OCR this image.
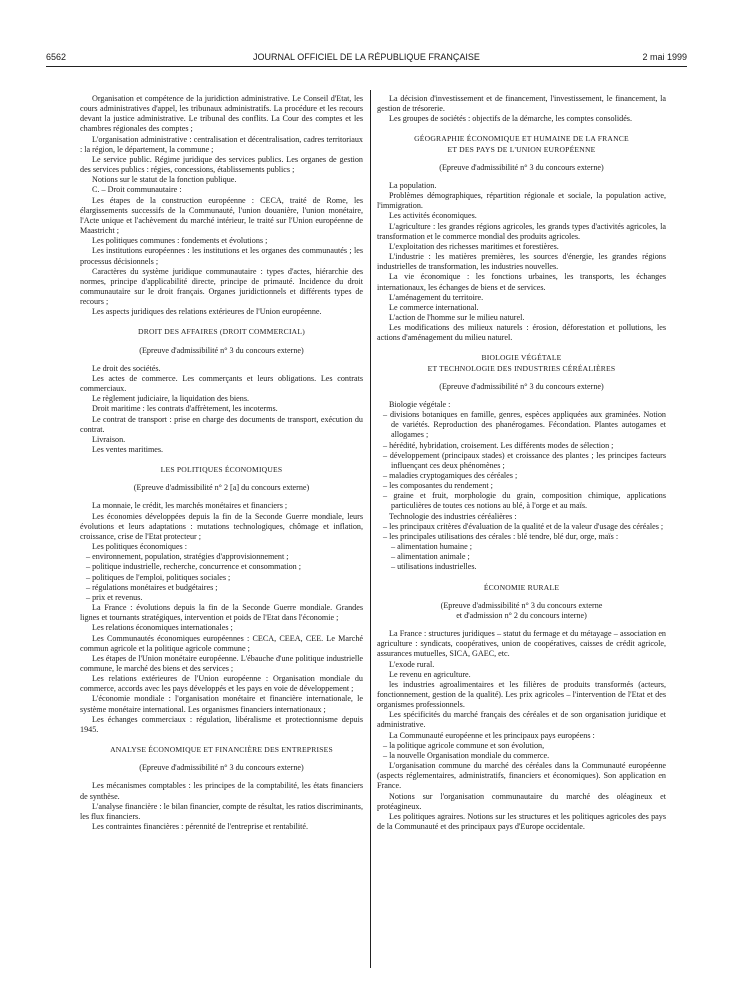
6562	JOURNAL OFFICIEL DE LA RÉPUBLIQUE FRANÇAISE	2 mai 1999

Organisation et compétence de la juridiction administrative. Le Conseil d'Etat, les cours administratives d'appel, les tribunaux administratifs. La procédure et les recours devant la justice administrative. Le tribunal des conflits. La Cour des comptes et les chambres régionales des comptes ;

L'organisation administrative : centralisation et décentralisation, cadres territoriaux : la région, le département, la commune ;

Le service public. Régime juridique des services publics. Les organes de gestion des services publics : régies, concessions, établissements publics ;

Notions sur le statut de la fonction publique.

C. – Droit communautaire :

Les étapes de la construction européenne : CECA, traité de Rome, les élargissements successifs de la Communauté, l'union douanière, l'union monétaire, l'Acte unique et l'achèvement du marché intérieur, le traité sur l'Union européenne de Maastricht ;

Les politiques communes : fondements et évolutions ;

Les institutions européennes : les institutions et les organes des communautés ; les processus décisionnels ;

Caractères du système juridique communautaire : types d'actes, hiérarchie des normes, principe d'applicabilité directe, principe de primauté. Incidence du droit communautaire sur le droit français. Organes juridictionnels et différents types de recours ;

Les aspects juridiques des relations extérieures de l'Union européenne.

DROIT DES AFFAIRES (DROIT COMMERCIAL)

(Epreuve d'admissibilité n° 3 du concours externe)

Le droit des sociétés.

Les actes de commerce. Les commerçants et leurs obligations. Les contrats commerciaux.

Le règlement judiciaire, la liquidation des biens.

Droit maritime : les contrats d'affrètement, les incoterms.

Le contrat de transport : prise en charge des documents de transport, exécution du contrat.

Livraison.

Les ventes maritimes.

LES POLITIQUES ÉCONOMIQUES

(Epreuve d'admissibilité n° 2 [a] du concours externe)

La monnaie, le crédit, les marchés monétaires et financiers ;

Les économies développées depuis la fin de la Seconde Guerre mondiale, leurs évolutions et leurs adaptations : mutations technologiques, chômage et inflation, croissance, crise de l'Etat protecteur ;

Les politiques économiques :

– environnement, population, stratégies d'approvisionnement ;

– politique industrielle, recherche, concurrence et consommation ;

– politiques de l'emploi, politiques sociales ;

– régulations monétaires et budgétaires ;

– prix et revenus.

La France : évolutions depuis la fin de la Seconde Guerre mondiale. Grandes lignes et tournants stratégiques, intervention et poids de l'Etat dans l'économie ;

Les relations économiques internationales ;

Les Communautés économiques européennes : CECA, CEEA, CEE. Le Marché commun agricole et la politique agricole commune ;

Les étapes de l'Union monétaire européenne. L'ébauche d'une politique industrielle commune, le marché des biens et des services ;

Les relations extérieures de l'Union européenne : Organisation mondiale du commerce, accords avec les pays développés et les pays en voie de développement ;

L'économie mondiale : l'organisation monétaire et financière internationale, le système monétaire international. Les organismes financiers internationaux ;

Les échanges commerciaux : régulation, libéralisme et protectionnisme depuis 1945.

ANALYSE ÉCONOMIQUE ET FINANCIÈRE DES ENTREPRISES

(Epreuve d'admissibilité n° 3 du concours externe)

Les mécanismes comptables : les principes de la comptabilité, les états financiers de synthèse.

L'analyse financière : le bilan financier, compte de résultat, les ratios discriminants, les flux financiers.

Les contraintes financières : pérennité de l'entreprise et rentabilité.

La décision d'investissement et de financement, l'investissement, le financement, la gestion de trésorerie.

Les groupes de sociétés : objectifs de la démarche, les comptes consolidés.

GÉOGRAPHIE ÉCONOMIQUE ET HUMAINE DE LA FRANCE

ET DES PAYS DE L'UNION EUROPÉENNE

(Epreuve d'admissibilité n° 3 du concours externe)

La population.

Problèmes démographiques, répartition régionale et sociale, la population active, l'immigration.

Les activités économiques.

L'agriculture : les grandes régions agricoles, les grands types d'activités agricoles, la transformation et le commerce mondial des produits agricoles.

L'exploitation des richesses maritimes et forestières.

L'industrie : les matières premières, les sources d'énergie, les grandes régions industrielles de transformation, les industries nouvelles.

La vie économique : les fonctions urbaines, les transports, les échanges internationaux, les échanges de biens et de services.

L'aménagement du territoire.

Le commerce international.

L'action de l'homme sur le milieu naturel.

Les modifications des milieux naturels : érosion, déforestation et pollutions, les actions d'aménagement du milieu naturel.

BIOLOGIE VÉGÉTALE

ET TECHNOLOGIE DES INDUSTRIES CÉRÉALIÈRES

(Epreuve d'admissibilité n° 3 du concours externe)

Biologie végétale :

– divisions botaniques en famille, genres, espèces appliquées aux graminées. Notion de variétés. Reproduction des phanérogames. Fécondation. Plantes autogames et allogames ;

– hérédité, hybridation, croisement. Les différents modes de sélection ;

– développement (principaux stades) et croissance des plantes ; les principes facteurs influençant ces deux phénomènes ;

– maladies cryptogamiques des céréales ;

– les composantes du rendement ;

– graine et fruit, morphologie du grain, composition chimique, applications particulières de toutes ces notions au blé, à l'orge et au maïs.

Technologie des industries céréalières :

– les principaux critères d'évaluation de la qualité et de la valeur d'usage des céréales ;

– les principales utilisations des cérales : blé tendre, blé dur, orge, maïs :

– alimentation humaine ;

– alimentation animale ;

– utilisations industrielles.

ÉCONOMIE RURALE

(Epreuve d'admissibilité n° 3 du concours externe

et d'admission n° 2 du concours interne)

La France : structures juridiques – statut du fermage et du métayage – association en agriculture : syndicats, coopératives, union de coopératives, caisses de crédit agricole, assurances mutuelles, SICA, GAEC, etc.

L'exode rural.

Le revenu en agriculture.

les industries agroalimentaires et les filières de produits transformés (acteurs, fonctionnement, gestion de la qualité). Les prix agricoles – l'intervention de l'Etat et des organismes professionnels.

Les spécificités du marché français des céréales et de son organisation juridique et administrative.

La Communauté européenne et les principaux pays européens :

– la politique agricole commune et son évolution,

– la nouvelle Organisation mondiale du commerce.

L'organisation commune du marché des céréales dans la Communauté européenne (aspects réglementaires, administratifs, financiers et économiques). Son application en France.

Notions sur l'organisation communautaire du marché des oléagineux et protéagineux.

Les politiques agraires. Notions sur les structures et les politiques agricoles des pays de la Communauté et des principaux pays d'Europe occidentale.
